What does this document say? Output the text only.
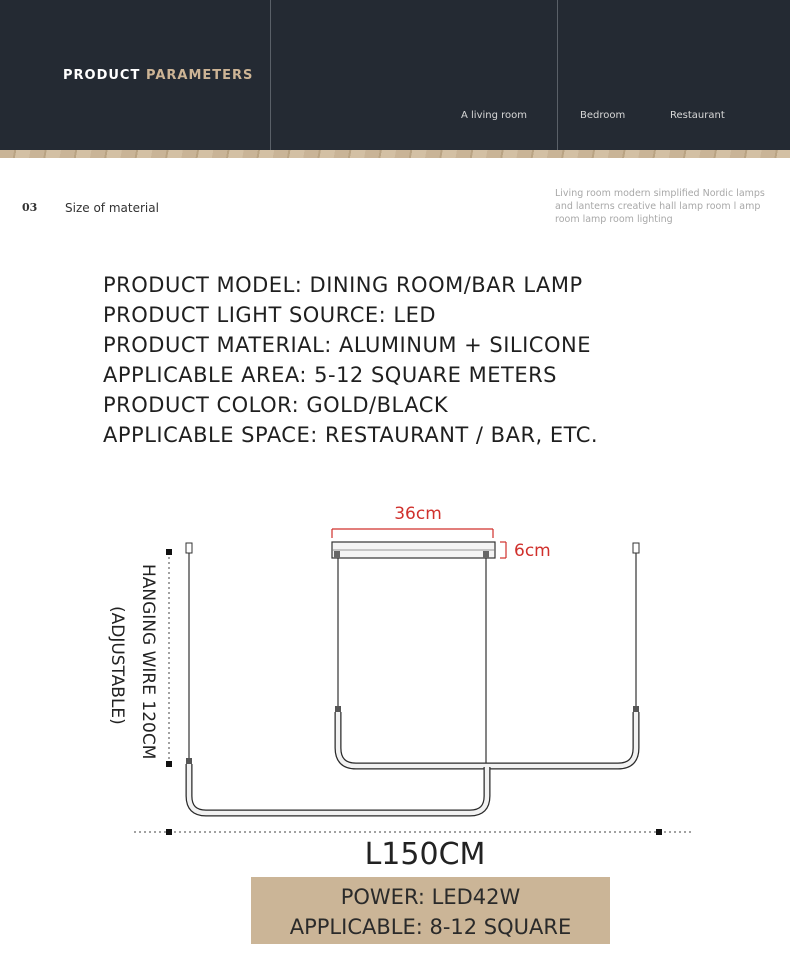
PRODUCT PARAMETERS
A living room	Bedroom	Restaurant
03 Size of material
Living room modern simplified Nordic lamps and lanterns creative hall lamp room l amp room lamp room lighting
PRODUCT MODEL: DINING ROOM/BAR LAMP
PRODUCT LIGHT SOURCE: LED
PRODUCT MATERIAL: ALUMINUM + SILICONE
APPLICABLE AREA: 5-12 SQUARE METERS
PRODUCT COLOR: GOLD/BLACK
APPLICABLE SPACE: RESTAURANT / BAR, ETC.
36cm
6cm
HANGING WIRE 120CM
(ADJUSTABLE)
L150CM
POWER: LED42W
APPLICABLE: 8-12 SQUARE
